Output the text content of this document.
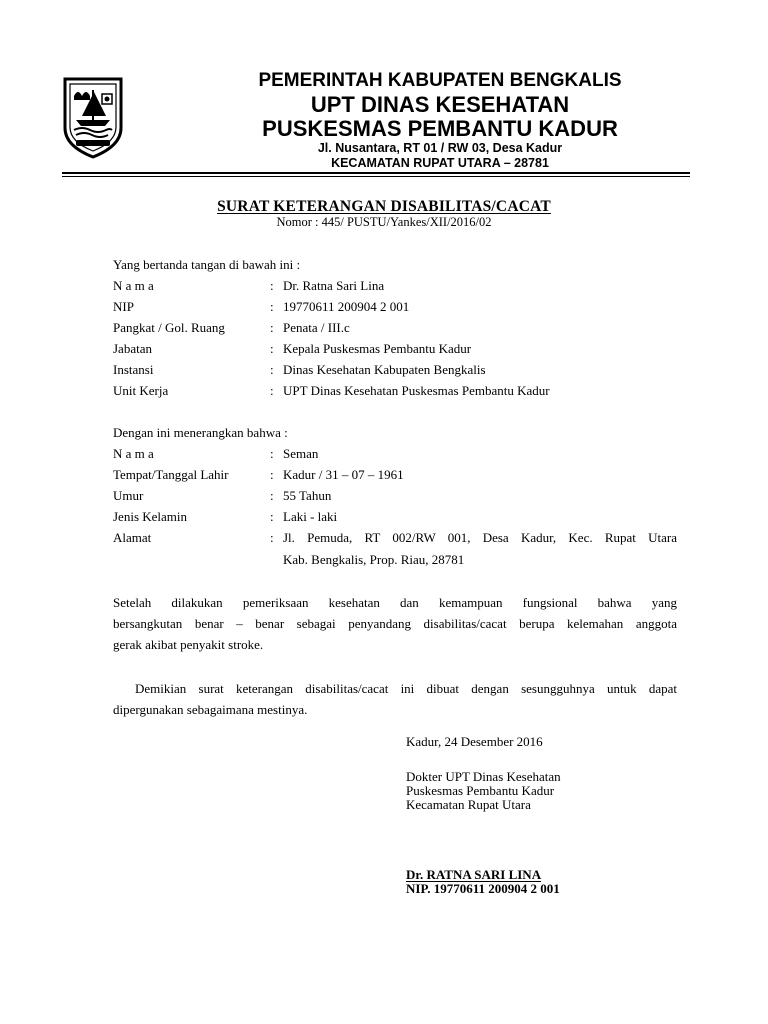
PEMERINTAH KABUPATEN BENGKALIS
UPT DINAS KESEHATAN
PUSKESMAS PEMBANTU KADUR
Jl. Nusantara, RT 01 / RW 03, Desa Kadur
KECAMATAN RUPAT UTARA – 28781
SURAT KETERANGAN DISABILITAS/CACAT
Nomor : 445/ PUSTU/Yankes/XII/2016/02
Yang bertanda tangan di bawah ini :
N a m a	: Dr. Ratna Sari Lina
NIP	: 19770611 200904 2 001
Pangkat / Gol. Ruang	: Penata / III.c
Jabatan	: Kepala Puskesmas Pembantu Kadur
Instansi	: Dinas Kesehatan Kabupaten Bengkalis
Unit Kerja	: UPT Dinas Kesehatan Puskesmas Pembantu Kadur
Dengan ini menerangkan bahwa :
N a m a	: Seman
Tempat/Tanggal Lahir	: Kadur / 31 – 07 – 1961
Umur	: 55 Tahun
Jenis Kelamin	: Laki - laki
Alamat	: Jl. Pemuda, RT 002/RW 001, Desa Kadur, Kec. Rupat Utara
Kab. Bengkalis, Prop. Riau, 28781
Setelah dilakukan pemeriksaan kesehatan dan kemampuan fungsional bahwa yang
bersangkutan benar – benar sebagai penyandang disabilitas/cacat berupa kelemahan anggota
gerak akibat penyakit stroke.
Demikian surat keterangan disabilitas/cacat ini dibuat dengan sesungguhnya untuk dapat
dipergunakan sebagaimana mestinya.
Kadur, 24 Desember 2016
Dokter UPT Dinas Kesehatan
Puskesmas Pembantu Kadur
Kecamatan Rupat Utara
Dr. RATNA SARI LINA
NIP. 19770611 200904 2 001
